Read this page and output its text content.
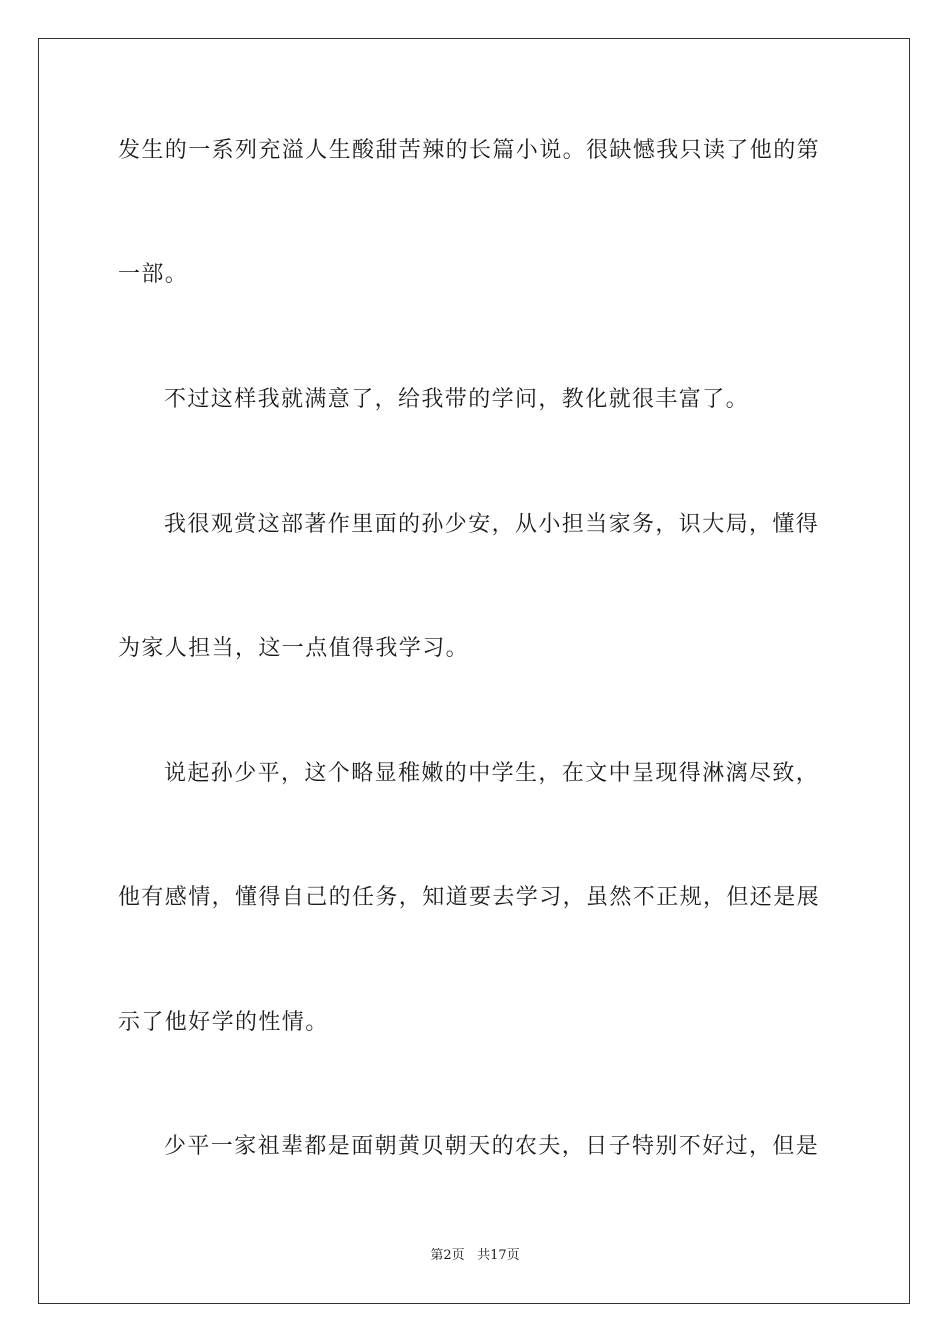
发生的一系列充溢人生酸甜苦辣的长篇小说。很缺憾我只读了他的第
一部。
不过这样我就满意了，给我带的学问，教化就很丰富了。
我很观赏这部著作里面的孙少安，从小担当家务，识大局，懂得
为家人担当，这一点值得我学习。
说起孙少平，这个略显稚嫩的中学生，在文中呈现得淋漓尽致，
他有感情，懂得自己的任务，知道要去学习，虽然不正规，但还是展
示了他好学的性情。
少平一家祖辈都是面朝黄贝朝天的农夫，日子特别不好过，但是
第2页 共17页
